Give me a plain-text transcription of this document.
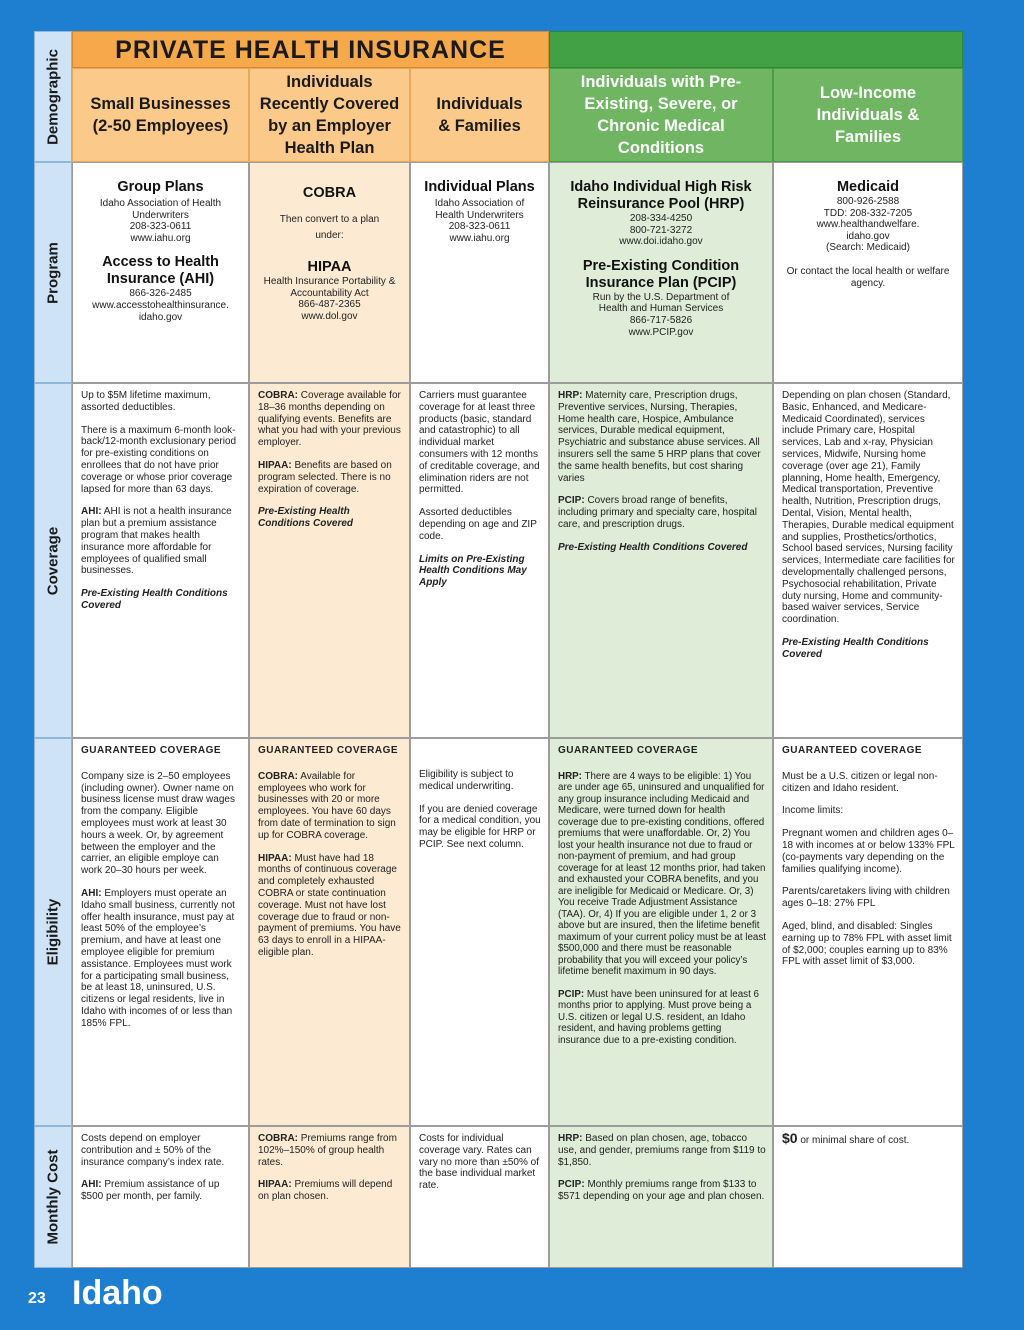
PRIVATE HEALTH INSURANCE
Demographic
Program
Coverage
Eligibility
Monthly Cost
Small Businesses (2-50 Employees)
Individuals Recently Covered by an Employer Health Plan
Individuals & Families
Individuals with Pre-Existing, Severe, or Chronic Medical Conditions
Low-Income Individuals & Families
Group Plans
Idaho Association of Health Underwriters
208-323-0611
www.iahu.org
Access to Health Insurance (AHI)
866-326-2485
www.accesstohealthinsurance.
idaho.gov
COBRA
Then convert to a plan
under:
HIPAA
Health Insurance Portability & Accountability Act
866-487-2365
www.dol.gov
Individual Plans
Idaho Association of Health Underwriters
208-323-0611
www.iahu.org
Idaho Individual High Risk Reinsurance Pool (HRP)
208-334-4250
800-721-3272
www.doi.idaho.gov
Pre-Existing Condition Insurance Plan (PCIP)
Run by the U.S. Department of Health and Human Services
866-717-5826
www.PCIP.gov
Medicaid
800-926-2588
TDD: 208-332-7205
www.healthandwelfare.
idaho.gov
(Search: Medicaid)
Or contact the local health or welfare agency.

Up to $5M lifetime maximum, assorted deductibles.

There is a maximum 6-month look-back/12-month exclusionary period for pre-existing conditions on enrollees that do not have prior coverage or whose prior coverage lapsed for more than 63 days.

AHI: AHI is not a health insurance plan but a premium assistance program that makes health insurance more affordable for employees of qualified small businesses.

Pre-Existing Health Conditions Covered

COBRA: Coverage available for 18–36 months depending on qualifying events. Benefits are what you had with your previous employer.

HIPAA: Benefits are based on program selected. There is no expiration of coverage.

Pre-Existing Health Conditions Covered

Carriers must guarantee coverage for at least three products (basic, standard and catastrophic) to all individual market consumers with 12 months of creditable coverage, and elimination riders are not permitted.

Assorted deductibles depending on age and ZIP code.

Limits on Pre-Existing Health Conditions May Apply

HRP: Maternity care, Prescription drugs, Preventive services, Nursing, Therapies, Home health care, Hospice, Ambulance services, Durable medical equipment, Psychiatric and substance abuse services. All insurers sell the same 5 HRP plans that cover the same health benefits, but cost sharing varies

PCIP: Covers broad range of benefits, including primary and specialty care, hospital care, and prescription drugs.

Pre-Existing Health Conditions Covered

Depending on plan chosen (Standard, Basic, Enhanced, and Medicare-Medicaid Coordinated), services include Primary care, Hospital services, Lab and x-ray, Physician services, Midwife, Nursing home coverage (over age 21), Family planning, Home health, Emergency, Medical transportation, Preventive health, Nutrition, Prescription drugs, Dental, Vision, Mental health, Therapies, Durable medical equipment and supplies, Prosthetics/orthotics, School based services, Nursing facility services, Intermediate care facilities for developmentally challenged persons, Psychosocial rehabilitation, Private duty nursing, Home and community-based waiver services, Service coordination.

Pre-Existing Health Conditions Covered

GUARANTEED COVERAGE

Company size is 2–50 employees (including owner). Owner name on business license must draw wages from the company. Eligible employees must work at least 30 hours a week. Or, by agreement between the employer and the carrier, an eligible employe can work 20–30 hours per week.

AHI: Employers must operate an Idaho small business, currently not offer health insurance, must pay at least 50% of the employee’s premium, and have at least one employee eligible for premium assistance. Employees must work for a participating small business, be at least 18, uninsured, U.S. citizens or legal residents, live in Idaho with incomes of or less than 185% FPL.

GUARANTEED COVERAGE

COBRA: Available for employees who work for businesses with 20 or more employees. You have 60 days from date of termination to sign up for COBRA coverage.

HIPAA: Must have had 18 months of continuous coverage and completely exhausted COBRA or state continuation coverage. Must not have lost coverage due to fraud or non-payment of premiums. You have 63 days to enroll in a HIPAA-eligible plan.

Eligibility is subject to medical underwriting.

If you are denied coverage for a medical condition, you may be eligible for HRP or PCIP. See next column.

GUARANTEED COVERAGE

HRP: There are 4 ways to be eligible: 1) You are under age 65, uninsured and unqualified for any group insurance including Medicaid and Medicare, were turned down for health coverage due to pre-existing conditions, offered premiums that were unaffordable. Or, 2) You lost your health insurance not due to fraud or non-payment of premium, and had group coverage for at least 12 months prior, had taken and exhausted your COBRA benefits, and you are ineligible for Medicaid or Medicare. Or, 3) You receive Trade Adjustment Assistance (TAA). Or, 4) If you are eligible under 1, 2 or 3 above but are insured, then the lifetime benefit maximum of your current policy must be at least $500,000 and there must be reasonable probability that you will exceed your policy’s lifetime benefit maximum in 90 days.

PCIP: Must have been uninsured for at least 6 months prior to applying. Must prove being a U.S. citizen or legal U.S. resident, an Idaho resident, and having problems getting insurance due to a pre-existing condition.

GUARANTEED COVERAGE

Must be a U.S. citizen or legal non-citizen and Idaho resident.

Income limits:

Pregnant women and children ages 0–18 with incomes at or below 133% FPL (co-payments vary depending on the families qualifying income).

Parents/caretakers living with children ages 0–18: 27% FPL

Aged, blind, and disabled: Singles earning up to 78% FPL with asset limit of $2,000; couples earning up to 83% FPL with asset limit of $3,000.

Costs depend on employer contribution and ± 50% of the insurance company’s index rate.

AHI: Premium assistance of up $500 per month, per family.

COBRA: Premiums range from 102%–150% of group health rates.

HIPAA: Premiums will depend on plan chosen.

Costs for individual coverage vary. Rates can vary no more than ±50% of the base individual market rate.

HRP: Based on plan chosen, age, tobacco use, and gender, premiums range from $119 to $1,850.

PCIP: Monthly premiums range from $133 to $571 depending on your age and plan chosen.

$0 or minimal share of cost.

23 Idaho
